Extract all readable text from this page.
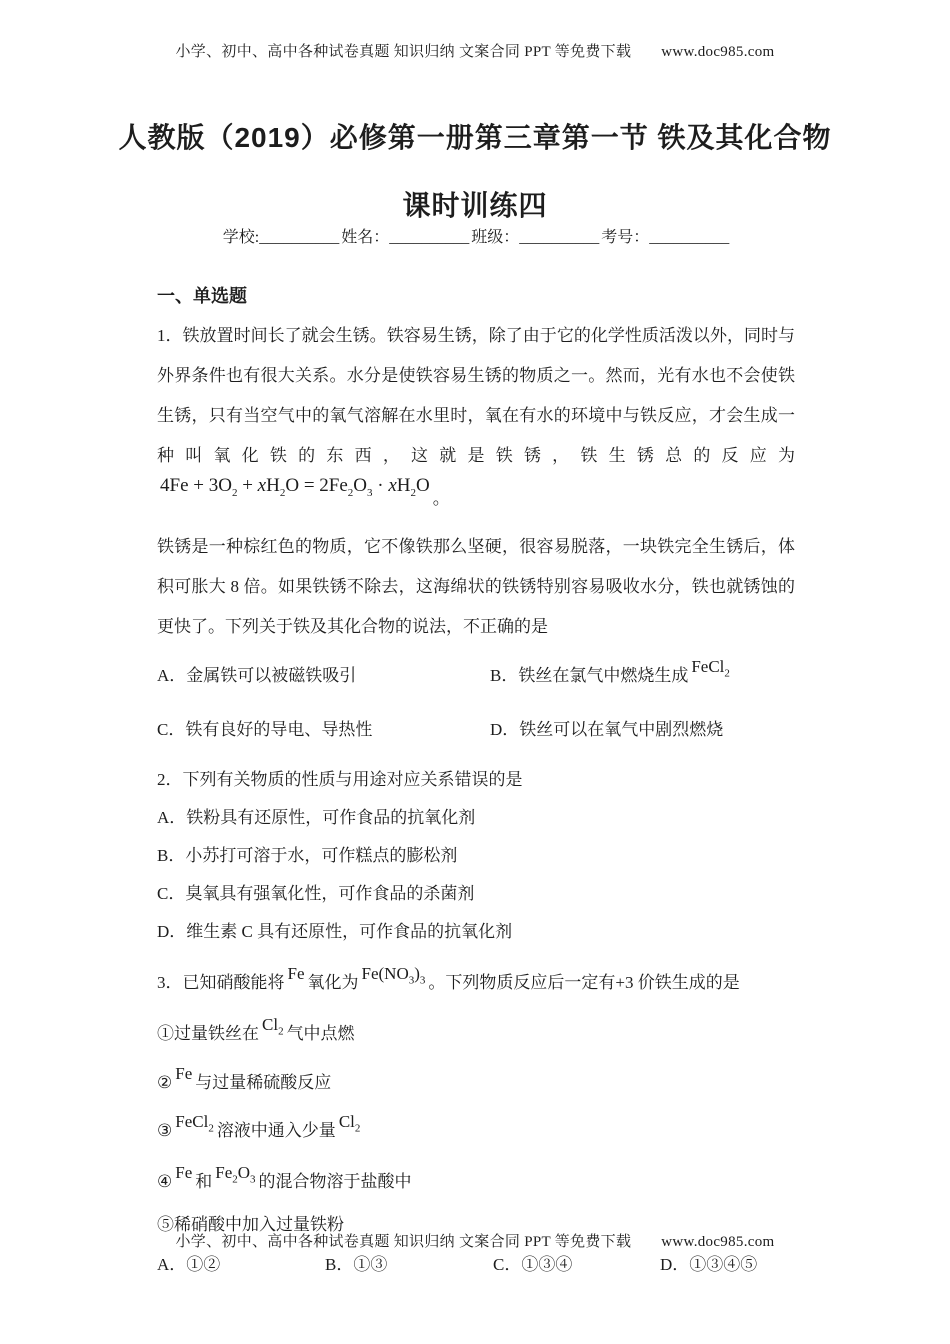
小学、初中、高中各种试卷真题 知识归纳 文案合同 PPT 等免费下载 www.doc985.com
人教版（2019）必修第一册第三章第一节 铁及其化合物
课时训练四
学校:__________ 姓名：__________ 班级：__________ 考号：__________
一、单选题

1．铁放置时间长了就会生锈。铁容易生锈，除了由于它的化学性质活泼以外，同时与外界条件也有很大关系。水分是使铁容易生锈的物质之一。然而，光有水也不会使铁生锈，只有当空气中的氧气溶解在水里时，氧在有水的环境中与铁反应，才会生成一种叫氧化铁的东西，这就是铁锈，铁生锈总的反应为$4Fe + 3O_2 + xH_2O = 2Fe_2O_3 \cdot xH_2O$。

铁锈是一种棕红色的物质，它不像铁那么坚硬，很容易脱落，一块铁完全生锈后，体积可胀大 8 倍。如果铁锈不除去，这海绵状的铁锈特别容易吸收水分，铁也就锈蚀的更快了。下列关于铁及其化合物的说法，不正确的是

A．金属铁可以被磁铁吸引	B．铁丝在氯气中燃烧生成 FeCl$_2$
C．铁有良好的导电、导热性	D．铁丝可以在氧气中剧烈燃烧

2．下列有关物质的性质与用途对应关系错误的是

A．铁粉具有还原性，可作食品的抗氧化剂

B．小苏打可溶于水，可作糕点的膨松剂

C．臭氧具有强氧化性，可作食品的杀菌剂

D．维生素 C 具有还原性，可作食品的抗氧化剂

3．已知硝酸能将 Fe 氧化为 $Fe(NO_3)_3$ 。下列物质反应后一定有+3 价铁生成的是

①过量铁丝在 $Cl_2$ 气中点燃

② Fe 与过量稀硫酸反应

③ FeCl$_2$ 溶液中通入少量 $Cl_2$

④ Fe 和 $Fe_2O_3$ 的混合物溶于盐酸中

⑤稀硝酸中加入过量铁粉

A．①②	B．①③	C．①③④	D．①③④⑤
小学、初中、高中各种试卷真题 知识归纳 文案合同 PPT 等免费下载 www.doc985.com
